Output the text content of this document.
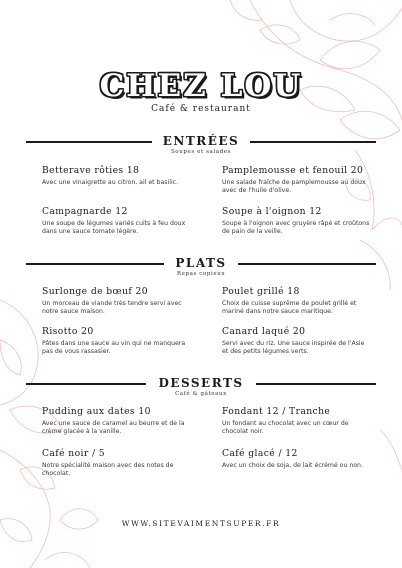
CHEZ LOU
Café & restaurant
ENTRÉES
Soupes et salades
Betterave rôties 18
Avec une vinaigrette au citron, ail et basilic.
Pamplemousse et fenouil 20
Une salade fraîche de pamplemousse au doux avec de l'huile d'olive.
Campagnarde 12
Une soupe de légumes variés cuits à feu doux dans une sauce tomate légère.
Soupe à l'oignon 12
Soupe à l'oignon avec gruyère râpé et croûtons de pain de la veille.
PLATS
Repas copieux
Surlonge de bœuf 20
Un morceau de viande très tendre servi avec notre sauce maison.
Poulet grillé 18
Choix de cuisse suprême de poulet grillé et mariné dans notre sauce maritique.
Risotto 20
Pâtes dans une sauce au vin qui ne manquera pas de vous rassasier.
Canard laqué 20
Servi avec du riz. Une sauce inspirée de l'Asie et des petits légumes verts.
DESSERTS
Café & gâteaux
Pudding aux dates 10
Avec une sauce de caramel au beurre et de la crème glacée à la vanille.
Fondant 12 / Tranche
Un fondant au chocolat avec un cœur de chocolat noir.
Café noir / 5
Notre spécialité maison avec des notes de chocolat.
Café glacé / 12
Avec un choix de soja, de lait écrémé ou non.
WWW.SITEVAIMENTSUPER.FR
